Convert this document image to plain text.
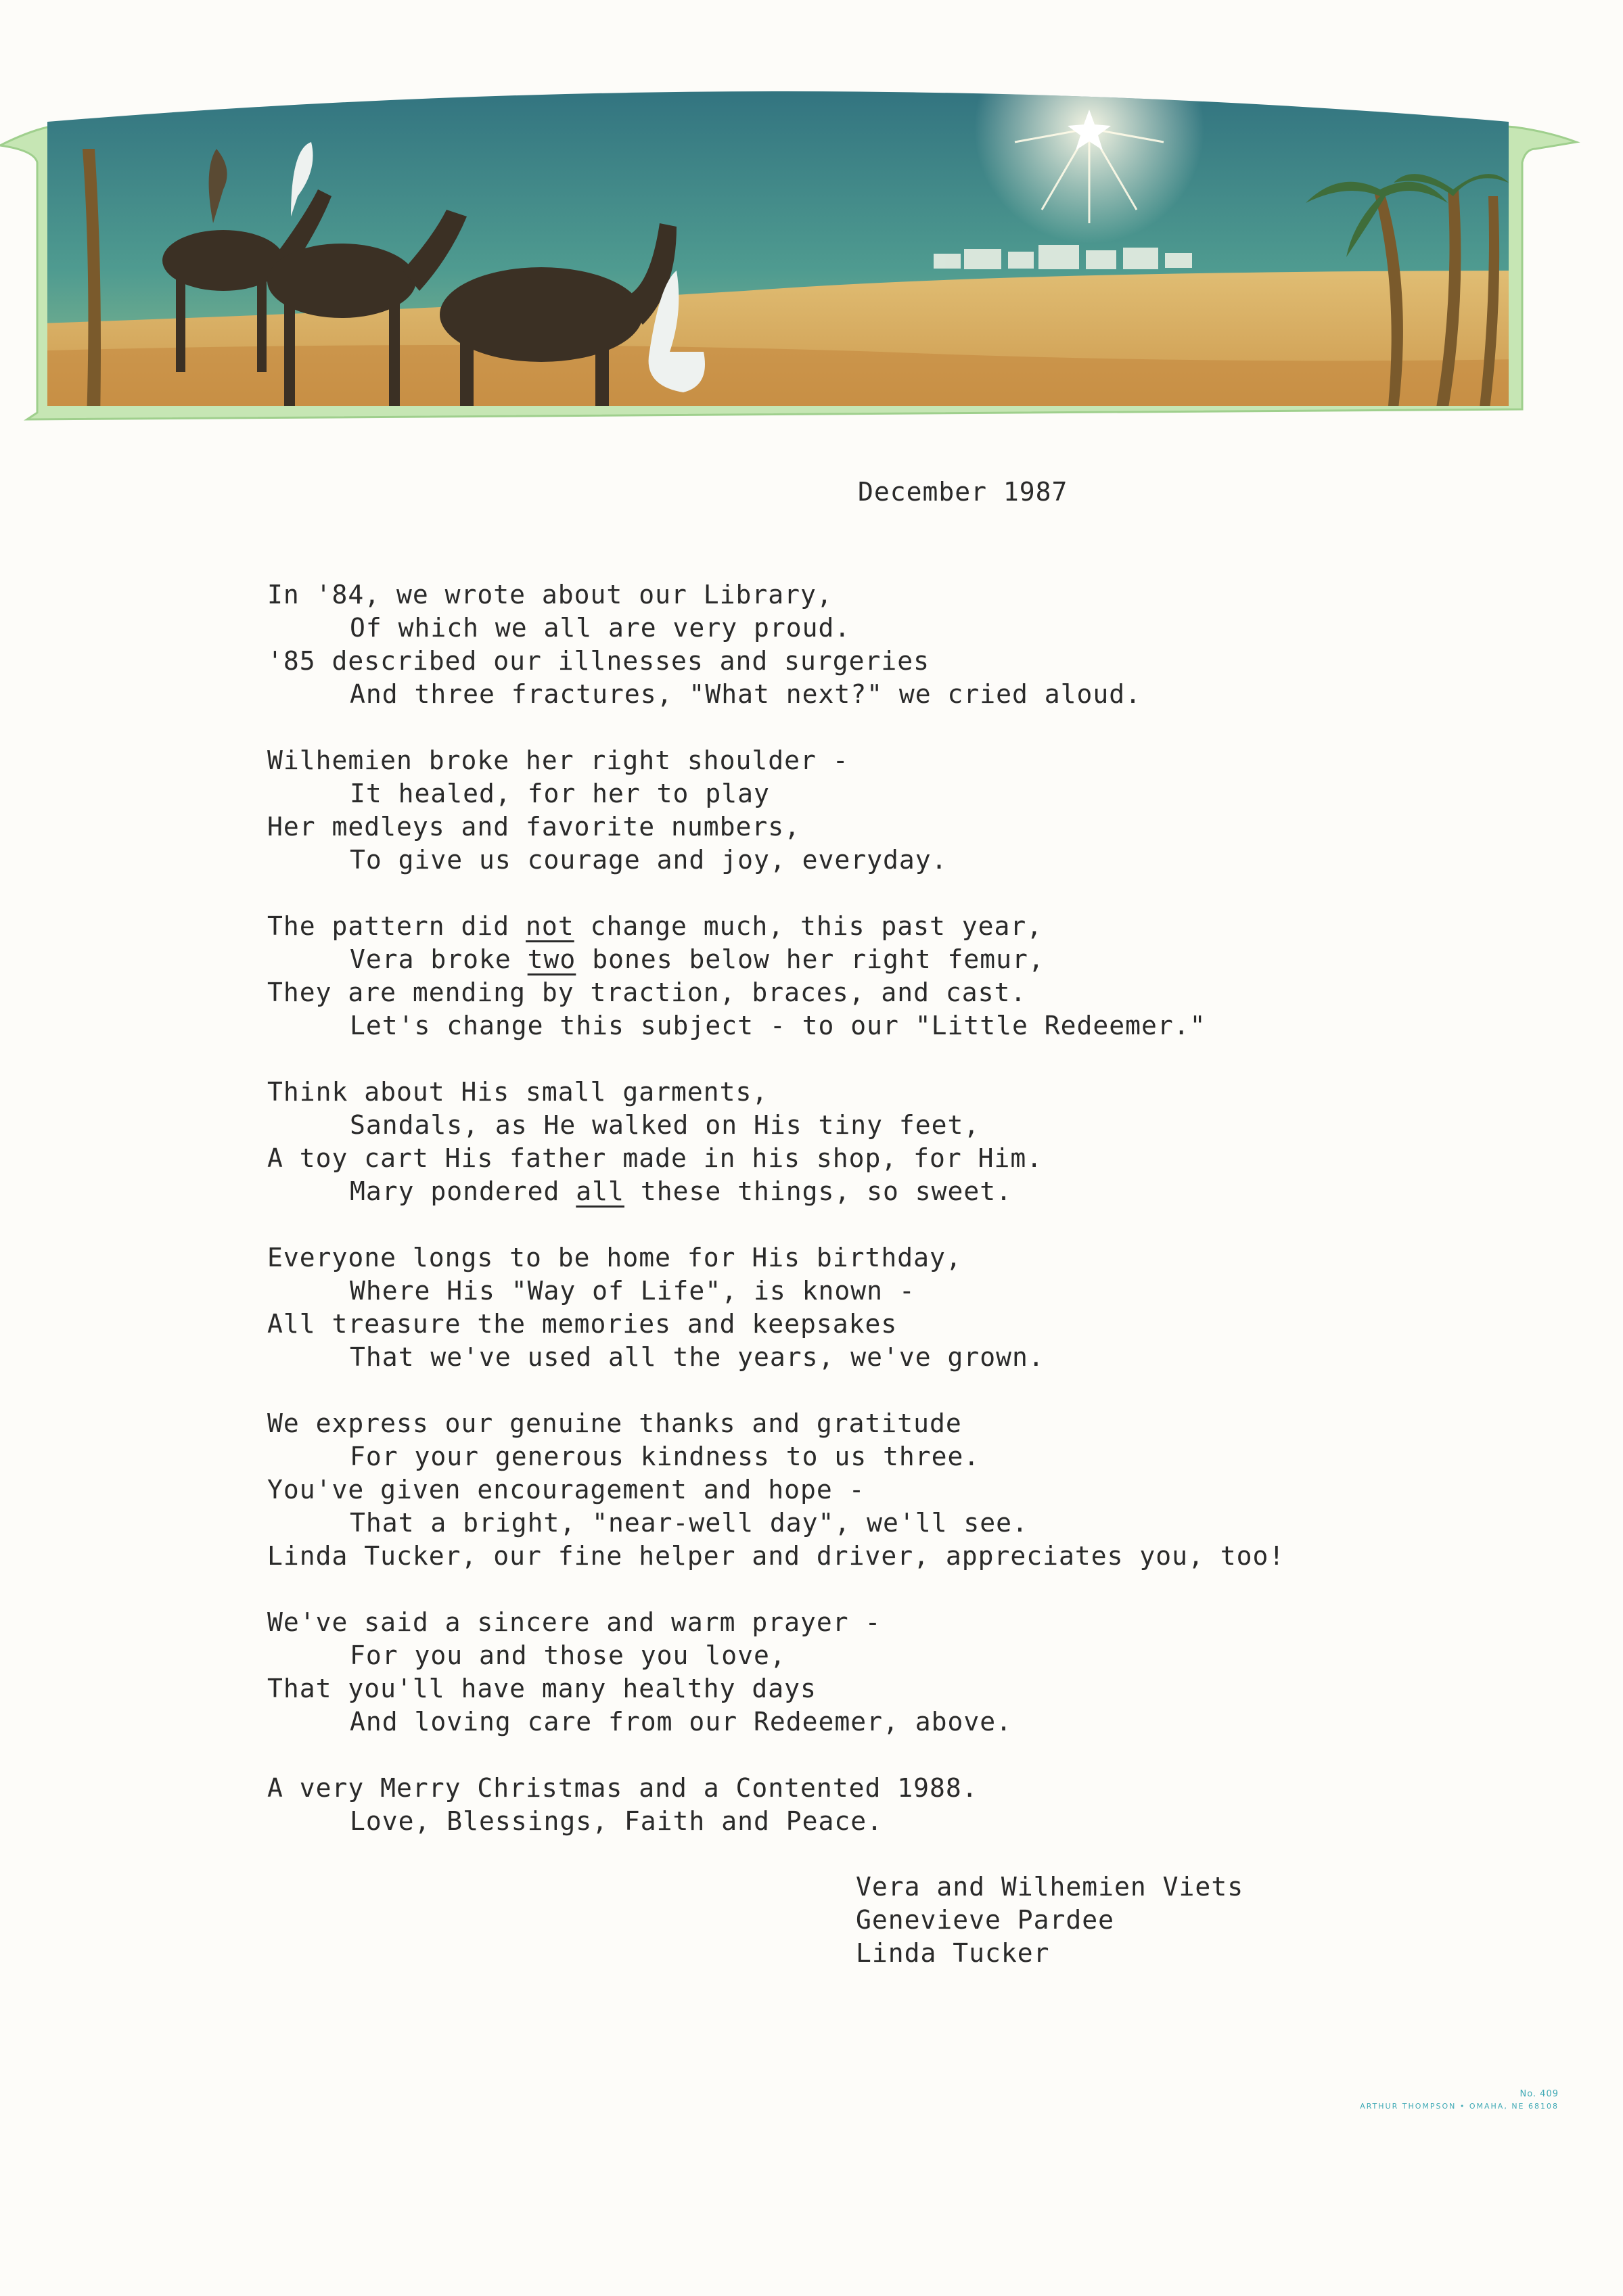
December 1987
In '84, we wrote about our Library,
Of which we all are very proud.
'85 described our illnesses and surgeries
And three fractures, "What next?" we cried aloud.
Wilhemien broke her right shoulder -
It healed, for her to play
Her medleys and favorite numbers,
To give us courage and joy, everyday.
The pattern did not change much, this past year,
Vera broke two bones below her right femur,
They are mending by traction, braces, and cast.
Let's change this subject - to our "Little Redeemer."
Think about His small garments,
Sandals, as He walked on His tiny feet,
A toy cart His father made in his shop, for Him.
Mary pondered all these things, so sweet.
Everyone longs to be home for His birthday,
Where His "Way of Life", is known -
All treasure the memories and keepsakes
That we've used all the years, we've grown.
We express our genuine thanks and gratitude
For your generous kindness to us three.
You've given encouragement and hope -
That a bright, "near-well day", we'll see.
Linda Tucker, our fine helper and driver, appreciates you, too!
We've said a sincere and warm prayer -
For you and those you love,
That you'll have many healthy days
And loving care from our Redeemer, above.
A very Merry Christmas and a Contented 1988.
Love, Blessings, Faith and Peace.
Vera and Wilhemien Viets
Genevieve Pardee
Linda Tucker
No. 409
ARTHUR THOMPSON • OMAHA, NE 68108
